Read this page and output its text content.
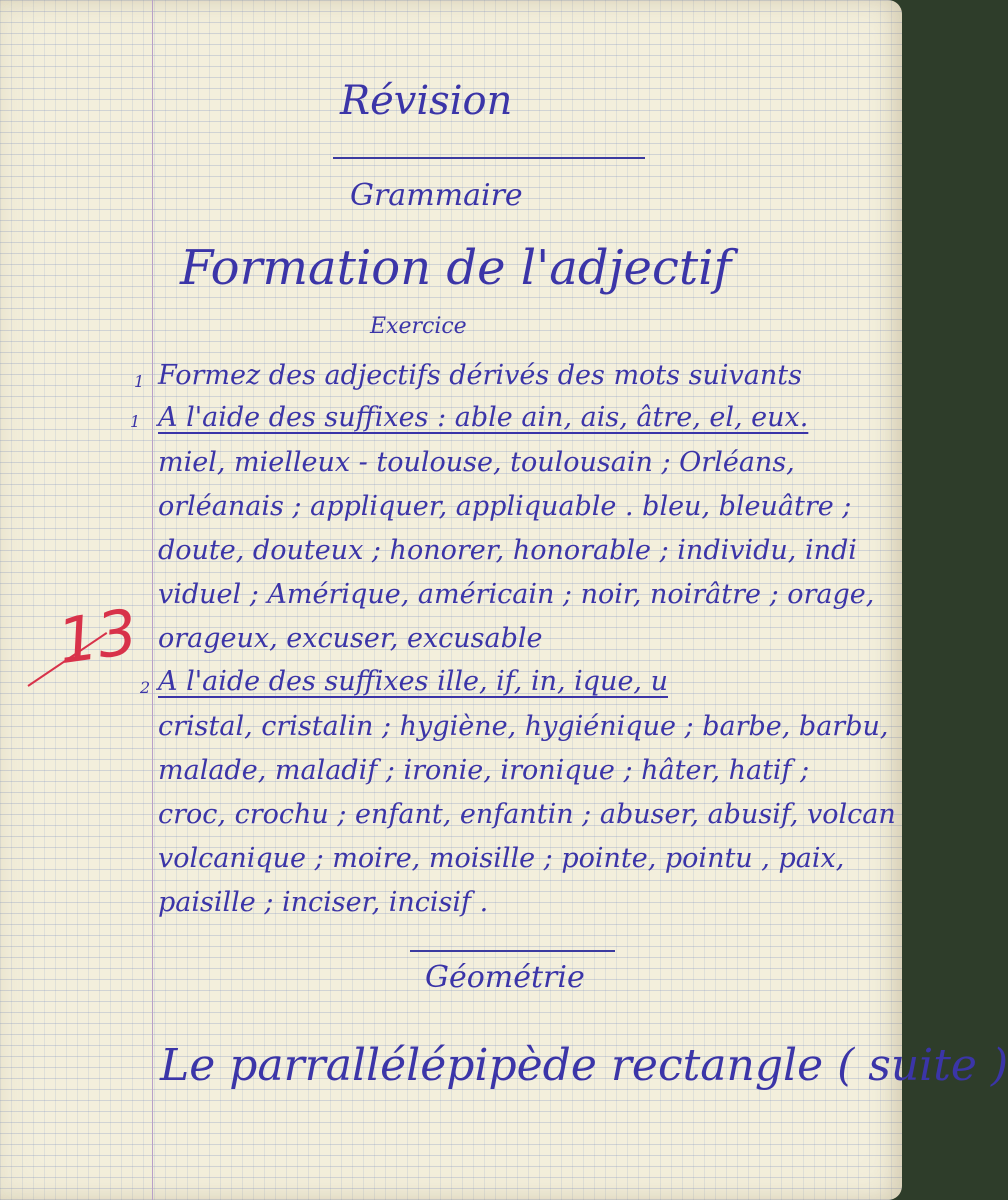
Révision
Grammaire
Formation de l'adjectif
Exercice
1 Formez des adjectifs dérivés des mots suivants
1 A l'aide des suffixes : able ain, ais, âtre, el, eux.
miel, mielleux - toulouse, toulousain ; Orléans,
orléanais ; appliquer, appliquable . bleu, bleuâtre ;
doute, douteux ; honorer, honorable ; individu, indi
viduel ; Amérique, américain ; noir, noirâtre ; orage,
orageux, excuser, excusable
2 A l'aide des suffixes ille, if, in, ique, u
cristal, cristalin ; hygiène, hygiénique ; barbe, barbu,
malade, maladif ; ironie, ironique ; hâter, hatif ;
croc, crochu ; enfant, enfantin ; abuser, abusif, volcan
volcanique ; moire, moisille ; pointe, pointu , paix,
paisille ; inciser, incisif .
Géométrie
Le parrallélépipède rectangle ( suite )
13
